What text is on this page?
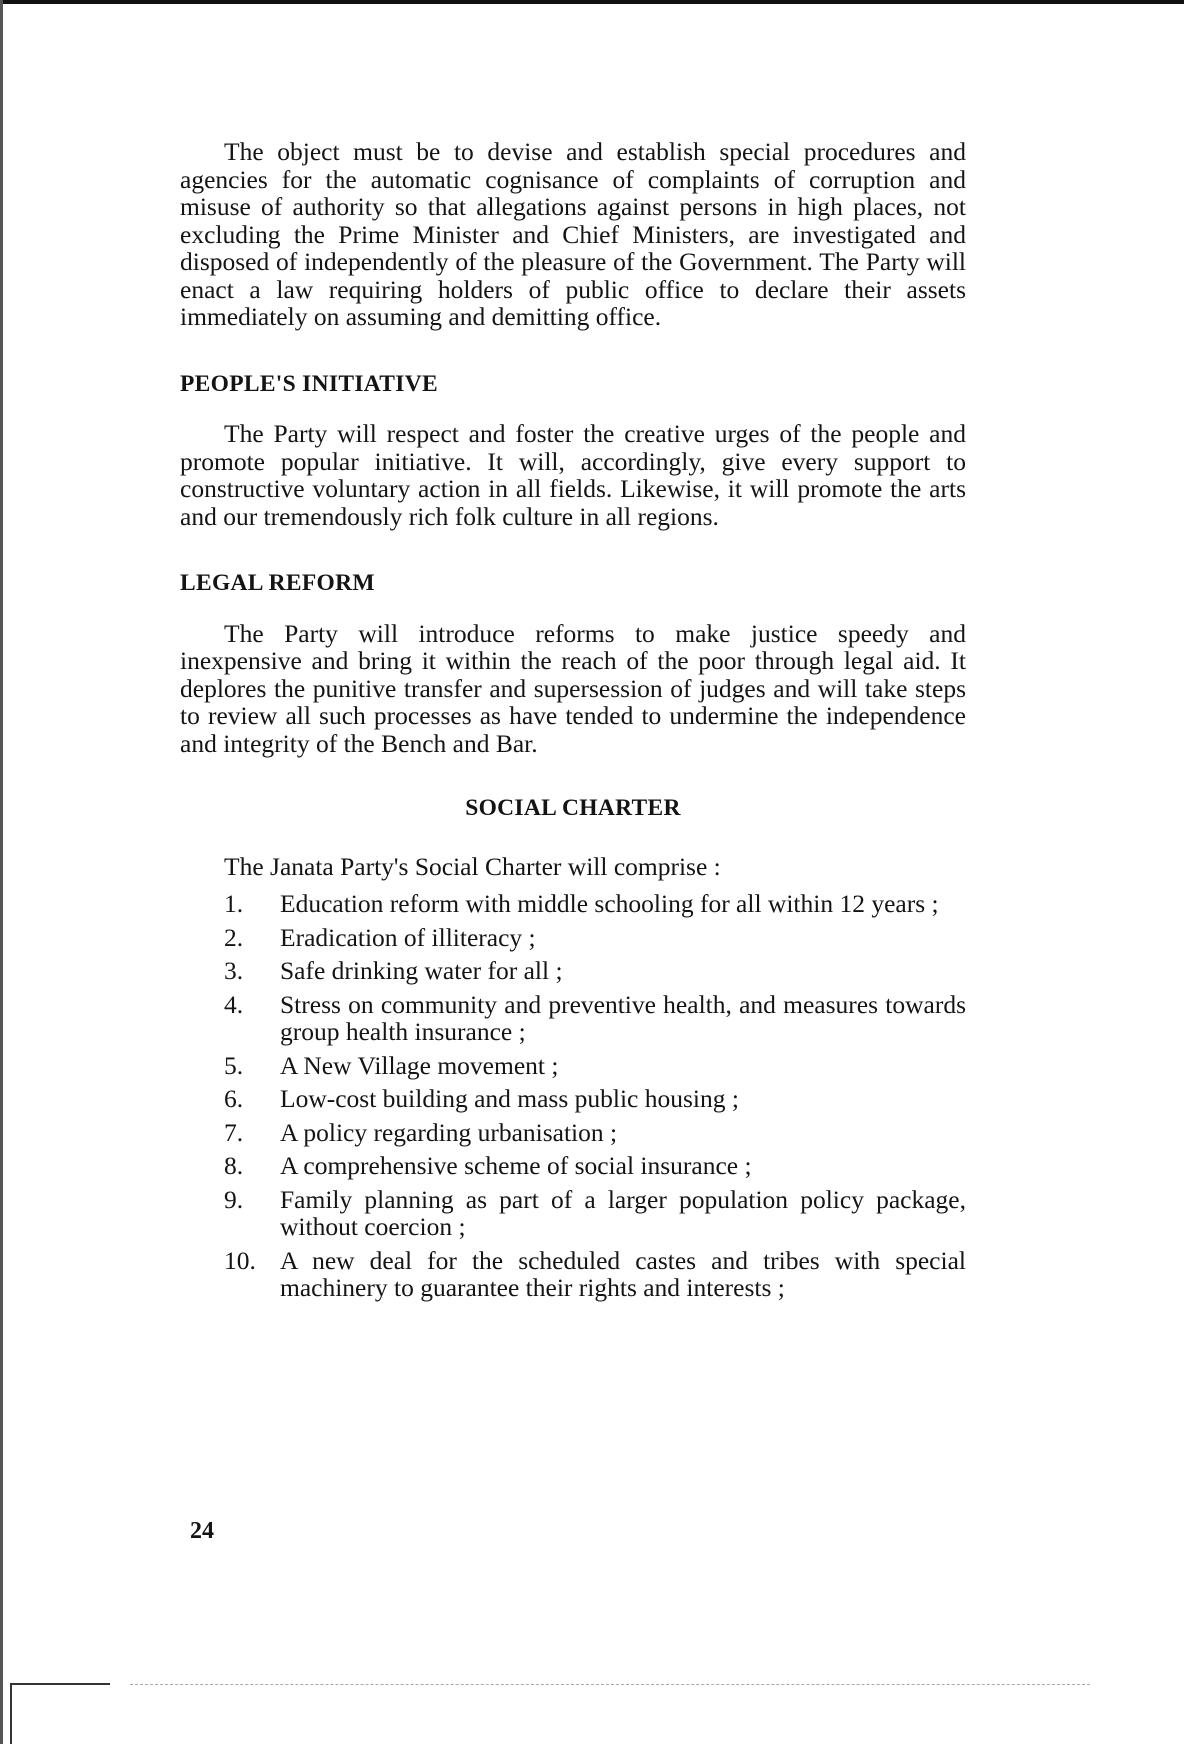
The object must be to devise and establish special procedures and agencies for the automatic cognisance of complaints of corruption and misuse of authority so that allegations against persons in high places, not excluding the Prime Minister and Chief Ministers, are investigated and disposed of independently of the pleasure of the Government. The Party will enact a law requiring holders of public office to declare their assets immediately on assuming and demitting office.

PEOPLE'S INITIATIVE

The Party will respect and foster the creative urges of the people and promote popular initiative. It will, accordingly, give every support to constructive voluntary action in all fields. Likewise, it will promote the arts and our tremendously rich folk culture in all regions.

LEGAL REFORM

The Party will introduce reforms to make justice speedy and inexpensive and bring it within the reach of the poor through legal aid. It deplores the punitive transfer and supersession of judges and will take steps to review all such processes as have tended to undermine the independence and integrity of the Bench and Bar.

SOCIAL CHARTER

The Janata Party's Social Charter will comprise :

1.	Education reform with middle schooling for all within 12 years ;
2.	Eradication of illiteracy ;
3.	Safe drinking water for all ;
4.	Stress on community and preventive health, and measures towards group health insurance ;
5.	A New Village movement ;
6.	Low-cost building and mass public housing ;
7.	A policy regarding urbanisation ;
8.	A comprehensive scheme of social insurance ;
9.	Family planning as part of a larger population policy package, without coercion ;
10. A new deal for the scheduled castes and tribes with special machinery to guarantee their rights and interests ;
24
